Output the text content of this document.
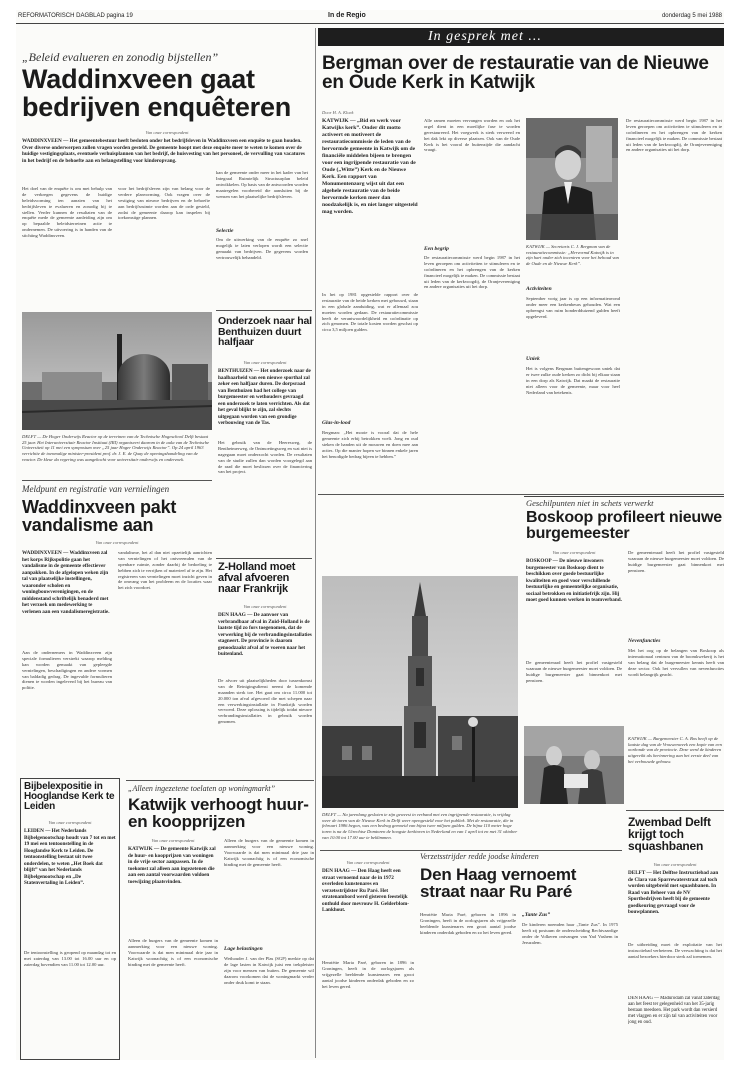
REFORMATORISCH DAGBLAD pagina 19	In de Regio	donderdag 5 mei 1988
„Beleid evalueren en zonodig bijstellen”
Waddinxveen gaat bedrijven enquêteren
Van onze correspondent
WADDINXVEEN — Het gemeentebestuur heeft besloten onder het bedrijfsleven in Waddinxveen een enquête te gaan houden. Over diverse onderwerpen zullen vragen worden gesteld. De gemeente hoopt met deze enquête meer te weten te komen over de huidige vestigingsplaats, eventuele verhuisplannen van het bedrijf, de huisvesting van het personeel, de vervulling van vacatures in het bedrijf en de behoefte aan en belangstelling voor kinderopvang.
Het doel van de enquête is om met behulp van de verkregen gegevens de huidige beleidsvorming ten aanzien van het bedrijfsleven te evalueren en zonodig bij te stellen. Verder kunnen de resultaten van de enquête mede de gemeente aanleiding zijn om op bepaalde beleidsterreinen actie te ondernemen. De uitvoering is in handen van de stichting Waddinxveen.
voor het bedrijfsleven zijn van belang voor de verdere planvorming. Ook vragen over de vestiging van nieuwe bedrijven en de behoefte aan bedrijfsruimte worden aan de orde gesteld, zodat de gemeente daarop kan inspelen bij toekomstige plannen.
kan de gemeente onder meer in het kader van het Integraal Ruimtelijk Structuurplan beleid ontwikkelen. Op basis van de antwoorden worden maatregelen voorbereid die aansluiten bij de wensen van het plaatselijke bedrijfsleven.
Selectie
Om de uitwerking van de enquête zo snel mogelijk te laten verlopen wordt een selectie gemaakt van bedrijven. De gegevens worden vertrouwelijk behandeld.
DELFT — De Hoger Onderwijs Reactor op de terreinen van de Technische Hogeschool Delft bestaat 25 jaar. Het Interuniversitair Reactor Instituut (IRI) organiseert daarom in de aula van de Technische Universiteit op 11 mei een symposium over „25 jaar Hoger Onderwijs Reactor”. Op 24 april 1963 verrichtte de toenmalige minister-president prof. dr. J. E. de Quay de openingshandeling van de reactor. De kleur da regering was aangekocht voor universitair onderwijs en onderzoek.
Meldpunt en registratie van vernielingen
Waddinxveen pakt vandalisme aan
Van onze correspondent
WADDINXVEEN — Waddinxveen zal het korps Rijkspolitie gaan het vandalisme in de gemeente effectiever aanpakken. In de afgelopen weken zijn tal van plaatselijke instellingen, waaronder scholen en woningbouwverenigingen, en de middenstand schriftelijk benaderd met het verzoek om medewerking te verlenen aan een vandalismeregistratie.
Aan de ondernemers in Waddinxveen zijn speciale formulieren verstrekt waarop melding kan worden gemaakt van gepleegde vernielingen, beschadigingen en andere vormen van baldadig gedrag. De ingevulde formulieren dienen te worden ingeleverd bij het bureau van politie.
vandalisme, het al dan niet opzettelijk aanrichten van vernielingen of het ontvreemden van de openbare ruimte, zonder daarbij de bedoeling te hebben zich te verrijken of materieel af te zijn. Het registreren van vernielingen moet inzicht geven in de omvang van het probleem en de locaties waar het zich voordoet.
Onderzoek naar hal Benthuizen duurt halfjaar
Van onze correspondent
BENTHUIZEN — Het onderzoek naar de haalbaarheid van een nieuwe sporthal zal zeker een halfjaar duren. De dorpsraad van Benthuizen had het college van burgemeester en wethouders gevraagd een onderzoek te laten verrichten. Als dat het geval blijkt te zijn, zal slechts uitgegaan worden van een grondige verbouwing van de Tas.
Het gebruik van de Heeresweg, de Bentheimerweg, de Ontmoetingsweg en wat niet is nagegaan moet onderzocht worden. De resultaten van de studie zullen dan worden voorgelegd aan de raad die moet beslissen over de financiering van het project.
Z-Holland moet afval afvoeren naar Frankrijk
Van onze correspondent
DEN HAAG — De aanvoer van verbrandbaar afval in Zuid-Holland is de laatste tijd zo fors toegenomen, dat de verwerking bij de verbrandingsinstallaties stagneert. De provincie is daarom genoodzaakt afval af te voeren naar het buitenland.
De afvoer uit plaatselijkheden door tussenkomst van de Reinigingsdienst neemt de komende maanden sterk toe. Het gaat om circa 11.000 tot 20.000 ton afval afgevoerd die met schepen naar een verwerkingsinstallatie in Frankrijk worden vervoerd. Deze oplossing is tijdelijk totdat nieuwe verbrandingsinstallaties in gebruik worden genomen.
In gesprek met ...
Bergman over de restauratie van de Nieuwe en Oude Kerk in Katwijk
Door H. A. Kloek
KATWIJK — „Bid en werk voor Katwijks kerk”. Onder dit motto activeert en motiveert de restauratiecommissie de leden van de hervormde gemeente in Katwijk om de financiële middelen bijeen te brengen voor een ingrijpende restauratie van de Oude („Witte”) Kerk en de Nieuwe Kerk. Een rapport van Monumentenzorg wijst uit dat een algehele restauratie van de beide hervormde kerken meer dan noodzakelijk is, en niet langer uitgesteld mag worden.
In het op 1981 opgestelde rapport over de restauratie van de beide kerken met gebouwd, staan in een globale aanduiding, wat er allemaal zou moeten worden gedaan. De restauratiecommissie heeft de verantwoordelijkheid en coördinatie op zich genomen. De totale kosten worden geschat op circa 3,5 miljoen gulden.
Alle ramen moeten vervangen worden en ook het orgel dient in een moeilijke fase te worden gerestaureerd. Het voegwerk is sterk verweerd en het dak lekt op diverse plaatsen. Ook van de Oude Kerk is het vooral de buitenzijde die aandacht vraagt.
Een begrip
De restauratiecommissie werd begin 1987 in het leven geroepen om activiteiten te stimuleren en te coördineren en het opbrengen van de kerken financieel mogelijk te maken. De commissie bestaat uit leden van de kerkvoogdij, de Oranjevereniging en andere organisaties uit het dorp.
Glas-in-lood
Bergman: „Het mooie is vooral dat de hele gemeente zich erbij betrokken voelt. Jong en oud steken de handen uit de mouwen en doen mee aan acties. Op die manier hopen we binnen enkele jaren het benodigde bedrag bijeen te hebben.”
KATWIJK — Secretaris C. J. Bergman van de restauratiecommissie: „Hervormd Katwijk is in zijn hart onder zich incentren voor het behoud van de Oude en de Nieuwe Kerk”.
Activiteiten
September vorig jaar is op een informatieavond onder meer een kerkenbeurs gehouden. Wat een opbrengst van ruim honderdduizend gulden heeft opgeleverd.
Uniek
Het is volgens Bergman buitengewoon uniek dat er twee zulke oude kerken zo dicht bij elkaar staan in een dorp als Katwijk. Dat maakt de restauratie niet alleen voor de gemeente, maar voor heel Nederland van betekenis.
De restauratiecommissie werd begin 1987 in het leven geroepen om activiteiten te stimuleren en te coördineren en het opbrengen van de kerken financieel mogelijk te maken. De commissie bestaat uit leden van de kerkvoogdij, de Oranjevereniging en andere organisaties uit het dorp.
DELFT — Na jarenlang gesloten te zijn geweest in verband met een ingrijpende restauratie, is vrijdag weer de toren van de Nieuwe Kerk in Delft weer opengesteld voor het publiek. Met de restauratie, die in februari 1986 begon, was een bedrag gemoeid van bijna twee miljoen gulden. De bijna 110 meter hoge toren is na de Utrechtse Domtoren de hoogste kerktoren in Nederland en van 1 april tot en met 31 oktober van 10.00 tot 17.00 uur te beklimmen.
Geschilpunten niet in schets verwerkt
Boskoop profileert nieuwe burgemeester
Van onze correspondent
BOSKOOP — De nieuwe inwoners burgemeester van Boskoop dient te beschikken over goede bestuurlijke kwaliteiten en goed voor verschillende bestuurlijke en gemeentelijke organisatie, sociaal betrokken en initiatiefrijk zijn. Hij moet goed kunnen werken in teamverband.
De gemeenteraad heeft het profiel vastgesteld waaraan de nieuwe burgemeester moet voldoen. De huidige burgemeester gaat binnenkort met pensioen.
De gemeenteraad heeft het profiel vastgesteld waaraan de nieuwe burgemeester moet voldoen. De huidige burgemeester gaat binnenkort met pensioen.
Nevenfuncties
Met het oog op de belangen van Boskoop als internationaal centrum van de boomkwekerij is het van belang dat de burgemeester kennis heeft van deze sector. Ook het vervullen van nevenfuncties wordt belangrijk geacht.
KATWIJK — Burgemeester C. A. Bos heeft op de laatste dag van de Vrouwenweek een kopie van een oorkonde van de provincie. Deze werd de kinderen uitgereikt als herinnering aan het eerste deel van het verbouwde gebouw.
Bijbelexpositie in Hooglandse Kerk te Leiden
Van onze correspondent
LEIDEN — Het Nederlands Bijbelgenootschap houdt van 7 tot en met 19 mei een tentoonstelling in de Hooglandse Kerk te Leiden. De tentoonstelling bestaat uit twee onderdelen, te weten „Het Boek dat blijft” van het Nederlands Bijbelgenootschap en „De Statenvertaling in Leiden”.
De tentoonstelling is geopend op maandag tot en met zaterdag van 13.00 tot 16.00 uur en op zaterdag bovendien van 11.00 tot 12.00 uur.
„Alleen ingezetene toelaten op woningmarkt”
Katwijk verhoogt huur- en koopprijzen
Van onze correspondent
KATWIJK — De gemeente Katwijk zal de huur- en koopprijzen van woningen in de vrije sector aanpassen. In de toekomst zal alleen aan ingezetenen die aan een aantal voorwaarden voldoen toewijzing plaatsvinden.
Alleen de burgers van de gemeente komen in aanmerking voor een nieuwe woning. Voorwaarde is dat men minimaal drie jaar in Katwijk woonachtig is of een economische binding met de gemeente heeft.
Alleen de burgers van de gemeente komen in aanmerking voor een nieuwe woning. Voorwaarde is dat men minimaal drie jaar in Katwijk woonachtig is of een economische binding met de gemeente heeft.
Lage belastingen
Wethouder J. van der Plas (SGP) merkte op dat de lage lasten in Katwijk juist een trekpleister zijn voor mensen van buiten. De gemeente wil daarom voorkomen dat de woningmarkt verder onder druk komt te staan.
Van onze correspondent
DEN HAAG — Den Haag heeft een straat vernoemd naar de in 1972 overleden kunstenares en verzetsstrijdster Ru Paré. Het stratenambord werd gisteren feestelijk onthuld door mevrouw H. Gelderblom-Lankhout.
Henriëtte Maria Paré, geboren in 1896 in Groningen, heeft in de oorlogsjaren als vrijgezelle beeldende kunstenares een groot aantal joodse kinderen onderdak geboden en zo het leven gered.
Verzetsstrijder redde joodse kinderen
Den Haag vernoemt straat naar Ru Paré
Henriëtte Maria Paré, geboren in 1896 in Groningen, heeft in de oorlogsjaren als vrijgezelle beeldende kunstenares een groot aantal joodse kinderen onderdak geboden en zo het leven gered.
„Tante Zus”
De kinderen noemden haar „Tante Zus”. In 1975 heeft zij postuum de onderscheiding Rechtvaardige onder de Volkeren ontvangen van Yad Vashem in Jeruzalem.
Zwembad Delft krijgt toch squashbanen
Van onze correspondent
DELFT — Het Delftse Instructiebad aan de Clara van Sparrewaterstraat zal toch worden uitgebreid met squashbanen. In Raad van Beheer van de NV Sportbedrijven heeft bij de gemeente goedkeuring gevraagd voor de bouwplannen.
De uitbreiding moet de exploitatie van het instructiebad verbeteren. De verwachting is dat het aantal bezoekers hierdoor sterk zal toenemen.
DEN HAAG — Madurodam zal vanaf zaterdag aan het feest ter gelegenheid van het 35-jarig bestaan meedoen. Het park wordt dan versierd met vlaggen en er zijn tal van activiteiten voor jong en oud.
